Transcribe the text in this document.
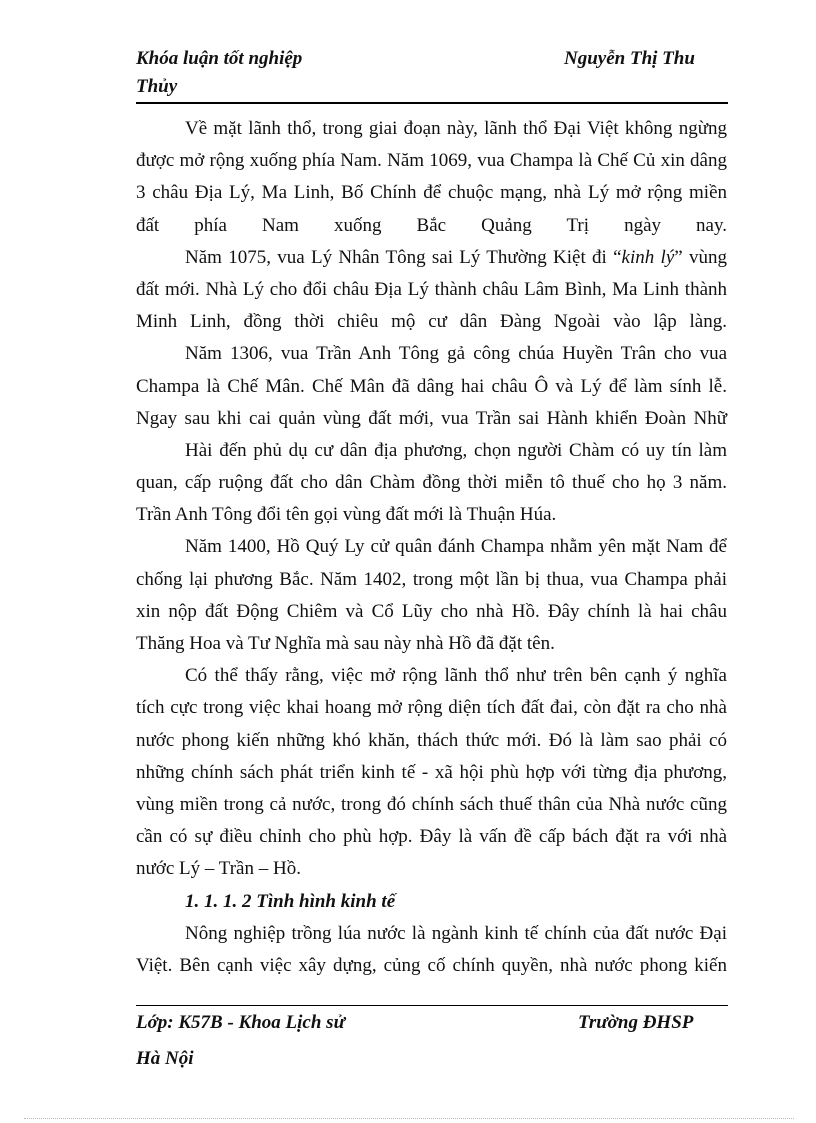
Khóa luận tốt nghiệp	Nguyễn Thị Thu
Thủy
Về mặt lãnh thổ, trong giai đoạn này, lãnh thổ Đại Việt không ngừng
được mở rộng xuống phía Nam. Năm 1069, vua Champa là Chế Củ xin dâng
3 châu Địa Lý, Ma Linh, Bố Chính để chuộc mạng, nhà Lý mở rộng miền
đất phía Nam xuống Bắc Quảng Trị ngày nay.
Năm 1075, vua Lý Nhân Tông sai Lý Thường Kiệt đi “kinh lý” vùng
đất mới. Nhà Lý cho đổi châu Địa Lý thành châu Lâm Bình, Ma Linh thành
Minh Linh, đồng thời chiêu mộ cư dân Đàng Ngoài vào lập làng.
Năm 1306, vua Trần Anh Tông gả công chúa Huyền Trân cho vua
Champa là Chế Mân. Chế Mân đã dâng hai châu Ô và Lý để làm sính lễ.
Ngay sau khi cai quản vùng đất mới, vua Trần sai Hành khiển Đoàn Nhữ
Hài đến phủ dụ cư dân địa phương, chọn người Chàm có uy tín làm
quan, cấp ruộng đất cho dân Chàm đồng thời miễn tô thuế cho họ 3 năm.
Trần Anh Tông đổi tên gọi vùng đất mới là Thuận Húa.
Năm 1400, Hồ Quý Ly cử quân đánh Champa nhằm yên mặt Nam để
chống lại phương Bắc. Năm 1402, trong một lần bị thua, vua Champa phải
xin nộp đất Động Chiêm và Cổ Lũy cho nhà Hồ. Đây chính là hai châu
Thăng Hoa và Tư Nghĩa mà sau này nhà Hồ đã đặt tên.
Có thể thấy rằng, việc mở rộng lãnh thổ như trên bên cạnh ý nghĩa
tích cực trong việc khai hoang mở rộng diện tích đất đai, còn đặt ra cho nhà
nước phong kiến những khó khăn, thách thức mới. Đó là làm sao phải có
những chính sách phát triển kinh tế - xã hội phù hợp với từng địa phương,
vùng miền trong cả nước, trong đó chính sách thuế thân của Nhà nước cũng
cần có sự điều chỉnh cho phù hợp. Đây là vấn đề cấp bách đặt ra với nhà
nước Lý – Trần – Hồ.
1. 1. 1. 2 Tình hình kinh tế
Nông nghiệp trồng lúa nước là ngành kinh tế chính của đất nước Đại
Việt. Bên cạnh việc xây dựng, củng cố chính quyền, nhà nước phong kiến
Lớp: K57B - Khoa Lịch sử	Trường ĐHSP
Hà Nội
